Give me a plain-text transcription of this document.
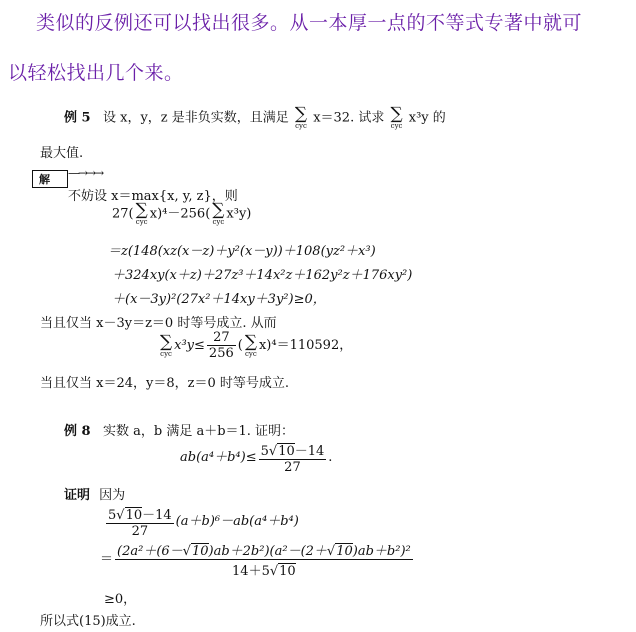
类似的反例还可以找出很多。从一本厚一点的不等式专著中就可
以轻松找出几个来。
例 5 设 x，y，z 是非负实数，且满足 ∑
cyc
x＝32. 试求 ∑
cyc
x³y 的
最大值.
解 —→→→
不妨设 x＝max{x, y, z}，则
27( ∑
cyc
x)⁴－256( ∑
cyc
x³y)
＝z(148(xz(x－z)＋y²(x－y))＋108(yz²＋x³)
＋324xy(x＋z)＋27z³＋14x²z＋162y²z＋176xy²)
＋(x－3y)²(27x²＋14xy＋3y²)≥0，
当且仅当 x－3y＝z＝0 时等号成立. 从而
∑
cyc
$x^3y\le \frac{27}{256}$ ( ∑
cyc
x)⁴＝110592，
当且仅当 x＝24，y＝8，z＝0 时等号成立.
例 8 实数 a，b 满足 a＋b＝1. 证明：
$ab(a^4+b^4)\le \frac{5√10-14}{27}$ .
证明 因为
$\frac{5√10-14}{27} (a+b)^6-ab(a^4+b^4)$
＝ $\frac{\text{(2a²＋(6－√10)ab＋2b²)(a²－(2＋√10)ab＋b²)²}}{14+5√10}$
≥0，
所以式(15)成立.
